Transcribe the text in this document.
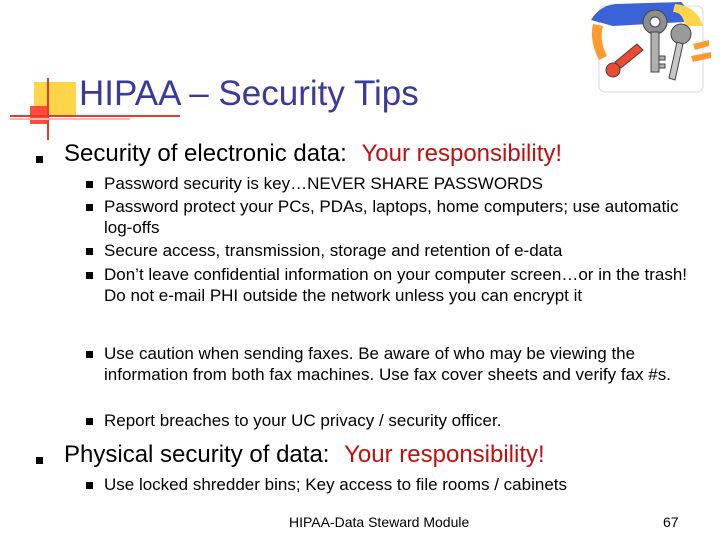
HIPAA – Security Tips
Security of electronic data: Your responsibility!
Password security is key…NEVER SHARE PASSWORDS
Password protect your PCs, PDAs, laptops, home computers; use automatic log-offs
Secure access, transmission, storage and retention of e-data
Don’t leave confidential information on your computer screen…or in the trash! Do not e-mail PHI outside the network unless you can encrypt it
Use caution when sending faxes. Be aware of who may be viewing the information from both fax machines. Use fax cover sheets and verify fax #s.
Report breaches to your UC privacy / security officer.
Physical security of data: Your responsibility!
Use locked shredder bins; Key access to file rooms / cabinets
HIPAA-Data Steward Module	67
